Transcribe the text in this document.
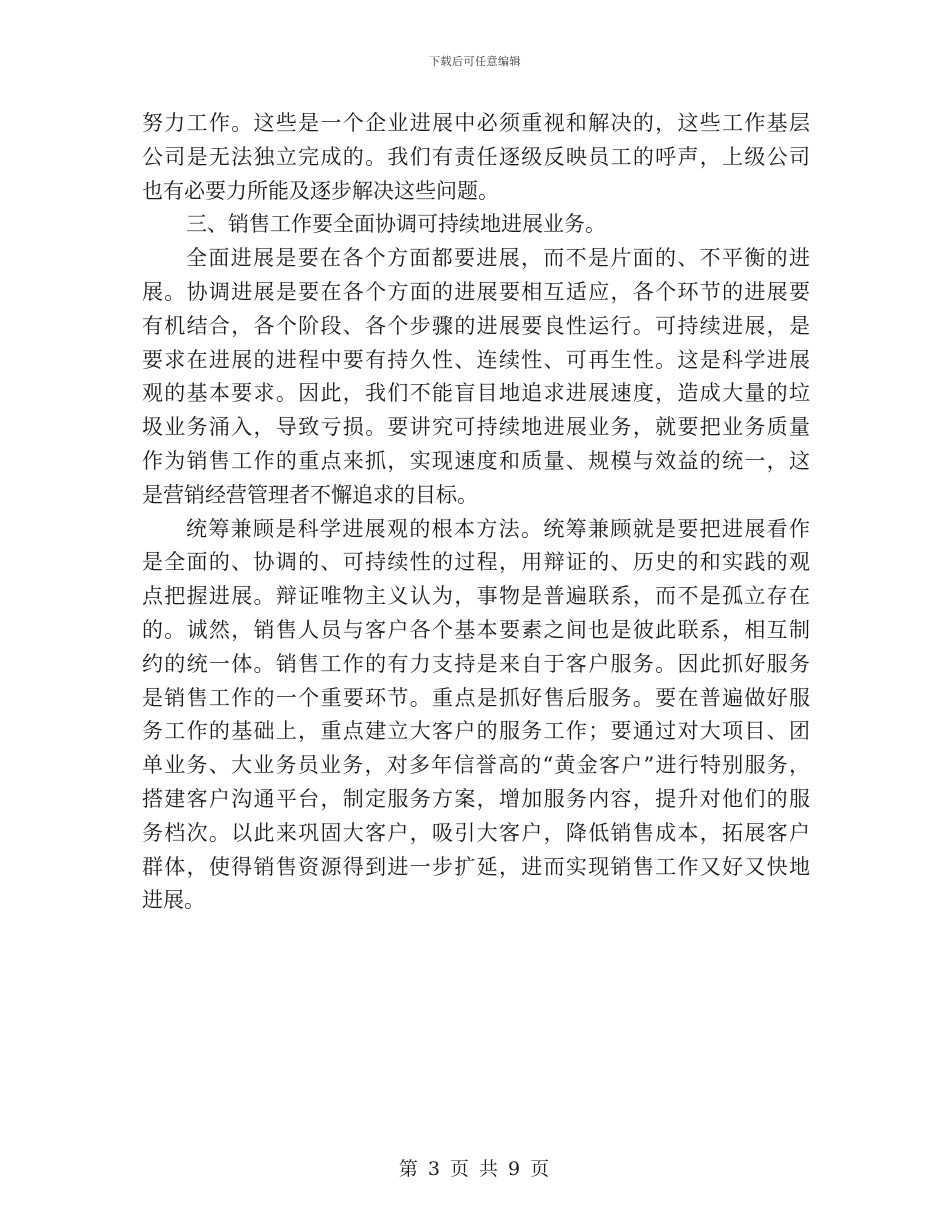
下载后可任意编辑
努力工作。这些是一个企业进展中必须重视和解决的，这些工作基层
公司是无法独立完成的。我们有责任逐级反映员工的呼声，上级公司
也有必要力所能及逐步解决这些问题。
三、销售工作要全面协调可持续地进展业务。
全面进展是要在各个方面都要进展，而不是片面的、不平衡的进
展。协调进展是要在各个方面的进展要相互适应，各个环节的进展要
有机结合，各个阶段、各个步骤的进展要良性运行。可持续进展，是
要求在进展的进程中要有持久性、连续性、可再生性。这是科学进展
观的基本要求。因此，我们不能盲目地追求进展速度，造成大量的垃
圾业务涌入，导致亏损。要讲究可持续地进展业务，就要把业务质量
作为销售工作的重点来抓，实现速度和质量、规模与效益的统一，这
是营销经营管理者不懈追求的目标。
统筹兼顾是科学进展观的根本方法。统筹兼顾就是要把进展看作
是全面的、协调的、可持续性的过程，用辩证的、历史的和实践的观
点把握进展。辩证唯物主义认为，事物是普遍联系，而不是孤立存在
的。诚然，销售人员与客户各个基本要素之间也是彼此联系，相互制
约的统一体。销售工作的有力支持是来自于客户服务。因此抓好服务
是销售工作的一个重要环节。重点是抓好售后服务。要在普遍做好服
务工作的基础上，重点建立大客户的服务工作；要通过对大项目、团
单业务、大业务员业务，对多年信誉高的“黄金客户”进行特别服务，
搭建客户沟通平台，制定服务方案，增加服务内容，提升对他们的服
务档次。以此来巩固大客户，吸引大客户，降低销售成本，拓展客户
群体，使得销售资源得到进一步扩延，进而实现销售工作又好又快地
进展。
第 3 页 共 9 页
